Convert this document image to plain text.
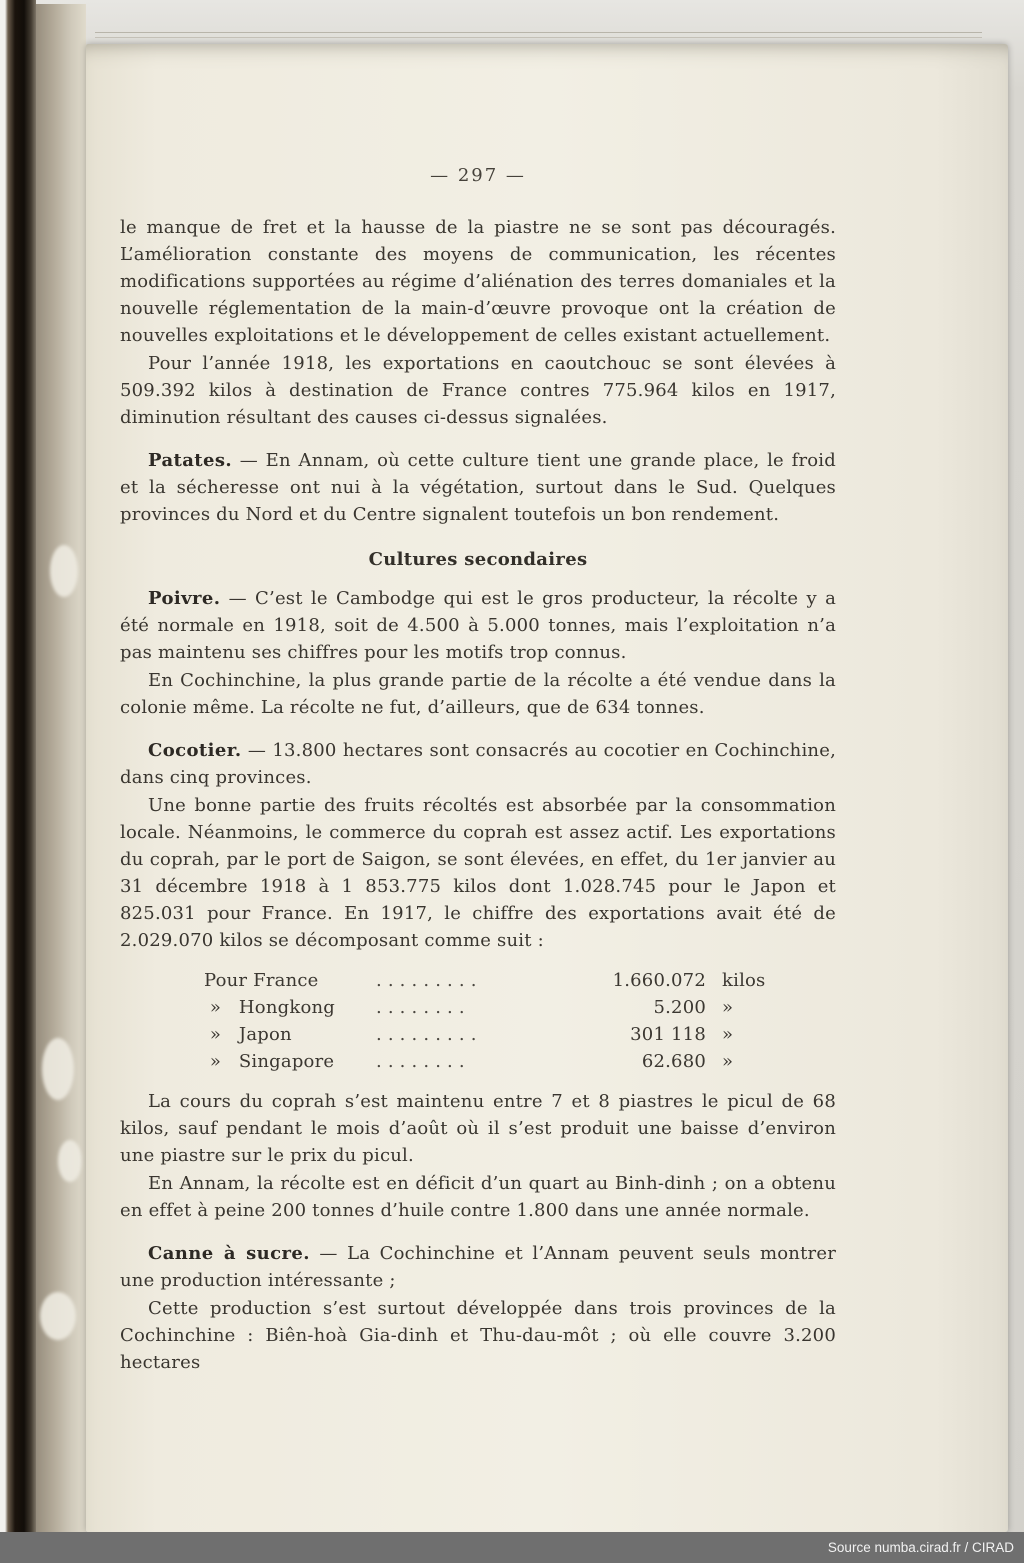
— 297 —

le manque de fret et la hausse de la piastre ne se sont pas découragés. L’amélioration constante des moyens de communication, les récentes modifications supportées au régime d’aliénation des terres domaniales et la nouvelle réglementation de la main-d’œuvre provoque ont la création de nouvelles exploitations et le développement de celles existant actuellement.

Pour l’année 1918, les exportations en caoutchouc se sont élevées à 509.392 kilos à destination de France contres 775.964 kilos en 1917, diminution résultant des causes ci-dessus signalées.

Patates. — En Annam, où cette culture tient une grande place, le froid et la sécheresse ont nui à la végétation, surtout dans le Sud. Quelques provinces du Nord et du Centre signalent toutefois un bon rendement.

Cultures secondaires

Poivre. — C’est le Cambodge qui est le gros producteur, la récolte y a été normale en 1918, soit de 4.500 à 5.000 tonnes, mais l’exploitation n’a pas maintenu ses chiffres pour les motifs trop connus.

En Cochinchine, la plus grande partie de la récolte a été vendue dans la colonie même. La récolte ne fut, d’ailleurs, que de 634 tonnes.

Cocotier. — 13.800 hectares sont consacrés au cocotier en Cochinchine, dans cinq provinces.

Une bonne partie des fruits récoltés est absorbée par la consommation locale. Néanmoins, le commerce du coprah est assez actif. Les exportations du coprah, par le port de Saigon, se sont élevées, en effet, du 1er janvier au 31 décembre 1918 à 1 853.775 kilos dont 1.028.745 pour le Japon et 825.031 pour France. En 1917, le chiffre des exportations avait été de 2.029.070 kilos se décomposant comme suit :

Pour France	. . . . . . . . .	1.660.072 kilos
»   Hongkong	. . . . . . . .	5.200 »
»   Japon	. . . . . . . . .	301 118 »
»   Singapore	. . . . . . . .	62.680 »

La cours du coprah s’est maintenu entre 7 et 8 piastres le picul de 68 kilos, sauf pendant le mois d’août où il s’est produit une baisse d’environ une piastre sur le prix du picul.

En Annam, la récolte est en déficit d’un quart au Binh-dinh ; on a obtenu en effet à peine 200 tonnes d’huile contre 1.800 dans une année normale.

Canne à sucre. — La Cochinchine et l’Annam peuvent seuls montrer une production intéressante ;

Cette production s’est surtout développée dans trois provinces de la Cochinchine : Biên-hoà Gia-dinh et Thu-dau-môt ; où elle couvre 3.200 hectares

Source numba.cirad.fr / CIRAD
